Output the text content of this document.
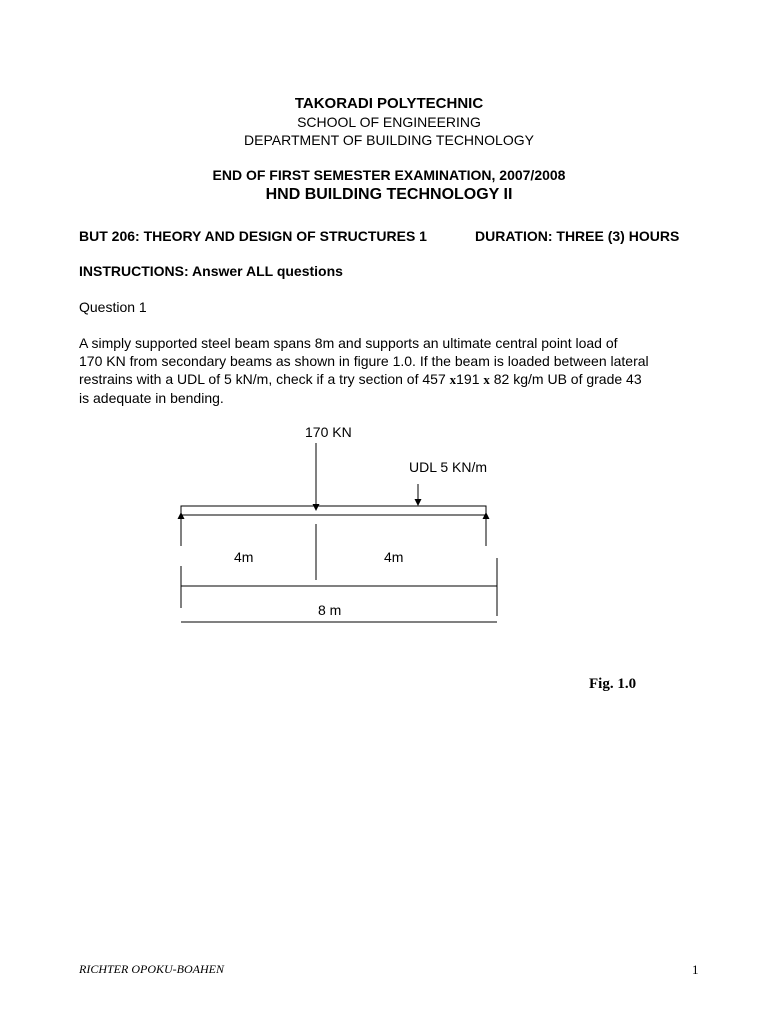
TAKORADI POLYTECHNIC
SCHOOL OF ENGINEERING
DEPARTMENT OF BUILDING TECHNOLOGY
END OF FIRST SEMESTER EXAMINATION, 2007/2008
HND BUILDING TECHNOLOGY II
BUT 206: THEORY AND DESIGN OF STRUCTURES 1	DURATION: THREE (3) HOURS
INSTRUCTIONS: Answer ALL questions
Question 1

A simply supported steel beam spans 8m and supports an ultimate central point load of

170 KN from secondary beams as shown in figure 1.0. If the beam is loaded between lateral

restrains with a UDL of 5 kN/m, check if a try section of 457 x191 x 82 kg/m UB of grade 43

is adequate in bending.

170 KN
UDL 5 KN/m
4m	4m
8 m
Fig. 1.0
RICHTER OPOKU-BOAHEN	1
